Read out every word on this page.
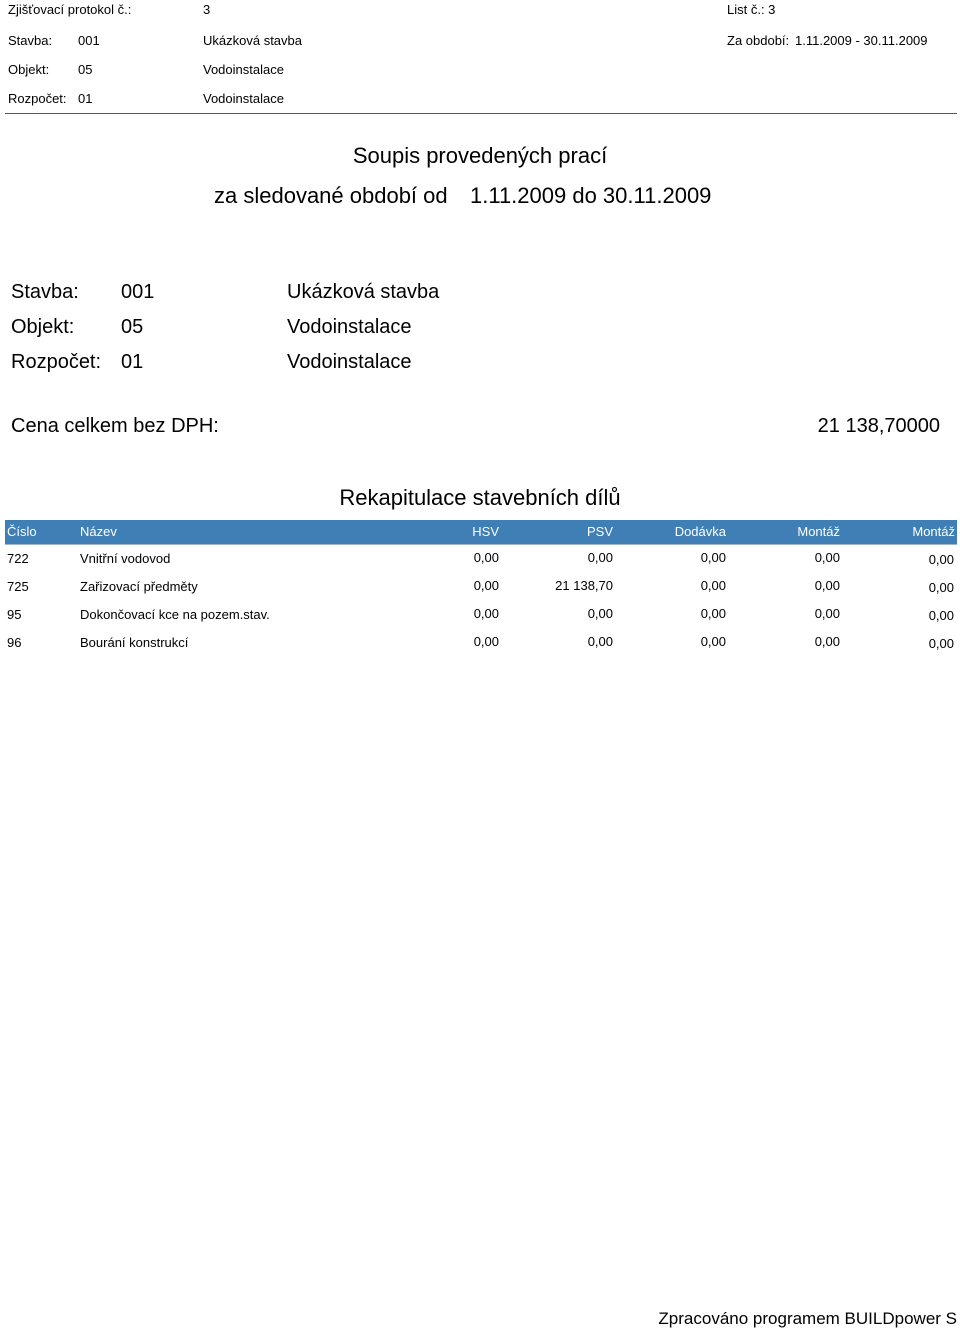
Zjišťovací protokol č.:	3	List č.: 3
Stavba: 001	Ukázková stavba	Za období: 1.11.2009 - 30.11.2009
Objekt: 05	Vodoinstalace
Rozpočet: 01	Vodoinstalace
Soupis provedených prací
za sledované období od 1.11.2009 do 30.11.2009
Stavba: 001	Ukázková stavba
Objekt: 05	Vodoinstalace
Rozpočet: 01	Vodoinstalace
Cena celkem bez DPH:	21 138,70000
Rekapitulace stavebních dílů
Číslo	Název	HSV	PSV	Dodávka	Montáž	Montáž
722	Vnitřní vodovod	0,00	0,00	0,00	0,00	0,00
725	Zařizovací předměty	0,00	21 138,70	0,00	0,00	0,00
95	Dokončovací kce na pozem.stav.	0,00	0,00	0,00	0,00	0,00
96	Bourání konstrukcí	0,00	0,00	0,00	0,00	0,00
Zpracováno programem BUILDpower S
